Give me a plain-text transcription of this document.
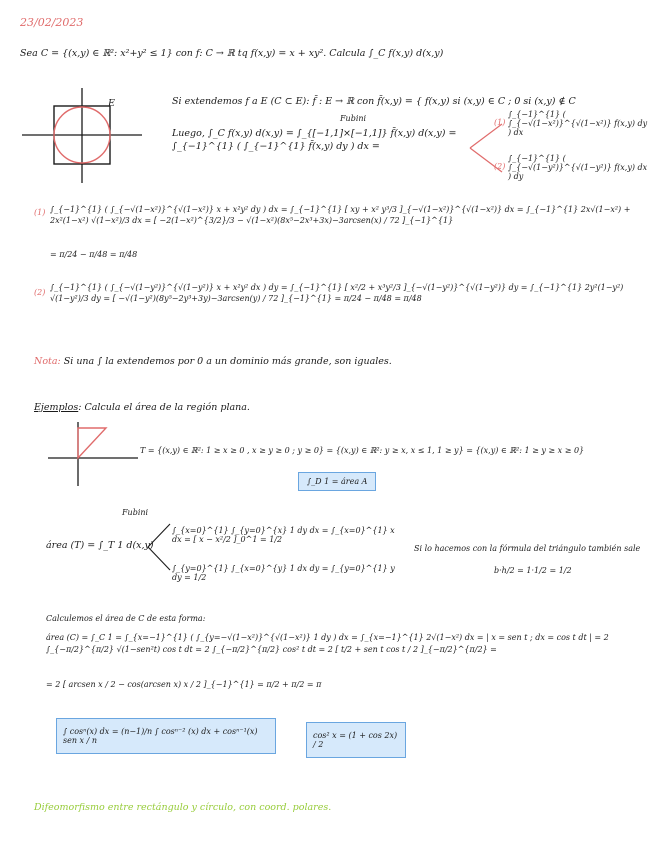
23/02/2023
Sea C = {(x,y) ∈ ℝ²: x²+y² ≤ 1} con f: C → ℝ tq f(x,y) = x + xy². Calcula ∫_C f(x,y) d(x,y)
E	Si extendemos f a E (C ⊂ E): f̄ : E → ℝ con f̄(x,y) = { f(x,y) si (x,y) ∈ C ; 0 si (x,y) ∉ C
Fubini
Luego, ∫_C f(x,y) d(x,y) = ∫_{[−1,1]×[−1,1]} f̄(x,y) d(x,y) = ∫_{−1}^{1} ( ∫_{−1}^{1} f̄(x,y) dy ) dx =
(1)
∫_{−1}^{1} ( ∫_{−√(1−x²)}^{√(1−x²)} f(x,y) dy ) dx
(2)
∫_{−1}^{1} ( ∫_{−√(1−y²)}^{√(1−y²)} f(x,y) dx ) dy
(1) ∫_{−1}^{1} ( ∫_{−√(1−x²)}^{√(1−x²)} x + x²y² dy ) dx = ∫_{−1}^{1} [ xy + x² y³/3 ]_{−√(1−x²)}^{√(1−x²)} dx = ∫_{−1}^{1} 2x√(1−x²) + 2x²(1−x²) √(1−x²)/3 dx = [ −2(1−x²)^{3/2}/3 − √(1−x²)(8x⁵−2x³+3x)−3arcsen(x) / 72 ]_{−1}^{1}
= π/24 − π/48 = π/48
(2)
∫_{−1}^{1} ( ∫_{−√(1−y²)}^{√(1−y²)} x + x²y² dx ) dy = ∫_{−1}^{1} [ x²/2 + x³y²/3 ]_{−√(1−y²)}^{√(1−y²)} dy = ∫_{−1}^{1} 2y²(1−y²) √(1−y²)/3 dy = [ −√(1−y²)(8y⁵−2y³+3y)−3arcsen(y) / 72 ]_{−1}^{1} = π/24 − π/48 = π/48
Nota: Si una ∫ la extendemos por 0 a un dominio más grande, son iguales.
Ejemplos: Calcula el área de la región plana.
T = {(x,y) ∈ ℝ²: 1 ≥ x ≥ 0 , x ≥ y ≥ 0 ; y ≥ 0} = {(x,y) ∈ ℝ²: y ≥ x, x ≤ 1, 1 ≥ y} = {(x,y) ∈ ℝ²: 1 ≥ y ≥ x ≥ 0}
∫_D 1 = área A
área (T) = ∫_T 1 d(x,y)
Fubini
∫_{x=0}^{1} ∫_{y=0}^{x} 1 dy dx = ∫_{x=0}^{1} x dx = [ x − x²/2 ]_0^1 = 1/2
∫_{y=0}^{1} ∫_{x=0}^{y} 1 dx dy = ∫_{y=0}^{1} y dy = 1/2
Si lo hacemos con la fórmula del triángulo también sale
b·h/2 = 1·1/2 = 1/2
Calculemos el área de C de esta forma:
área (C) = ∫_C 1 = ∫_{x=−1}^{1} ( ∫_{y=−√(1−x²)}^{√(1−x²)} 1 dy ) dx = ∫_{x=−1}^{1} 2√(1−x²) dx = | x = sen t ; dx = cos t dt | = 2 ∫_{−π/2}^{π/2} √(1−sen²t) cos t dt = 2 ∫_{−π/2}^{π/2} cos² t dt = 2 [ t/2 + sen t cos t / 2 ]_{−π/2}^{π/2} =
= 2 [ arcsen x / 2 − cos(arcsen x) x / 2 ]_{−1}^{1} = π/2 + π/2 = π
∫ cosⁿ(x) dx = (n−1)/n ∫ cosⁿ⁻² (x) dx + cosⁿ⁻¹(x) sen x / n
cos² x = (1 + cos 2x) / 2
Difeomorfismo entre rectángulo y círculo, con coord. polares.
